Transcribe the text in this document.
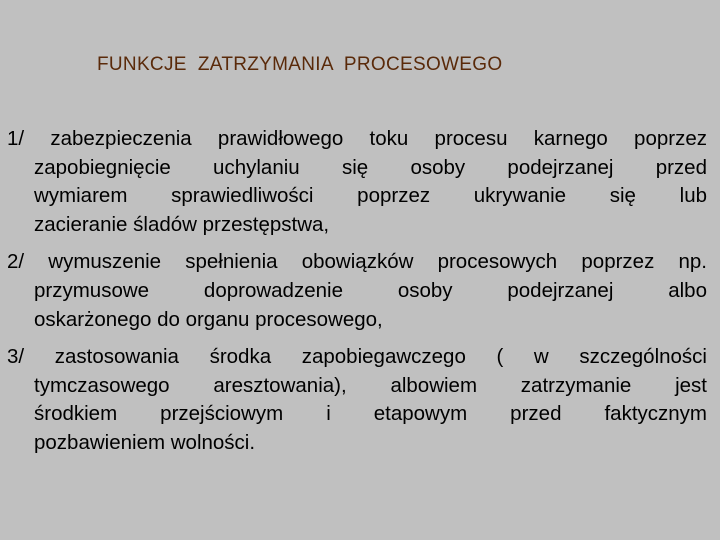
FUNKCJE  ZATRZYMANIA  PROCESOWEGO
1/ zabezpieczenia prawidłowego toku procesu karnego poprzez
zapobiegnięcie uchylaniu się osoby podejrzanej przed
wymiarem sprawiedliwości poprzez ukrywanie się lub
zacieranie śladów przestępstwa,
2/ wymuszenie spełnienia obowiązków procesowych poprzez np.
przymusowe doprowadzenie osoby podejrzanej albo
oskarżonego do organu procesowego,
3/ zastosowania środka zapobiegawczego ( w szczególności
tymczasowego aresztowania), albowiem zatrzymanie jest
środkiem przejściowym i etapowym przed faktycznym
pozbawieniem wolności.
